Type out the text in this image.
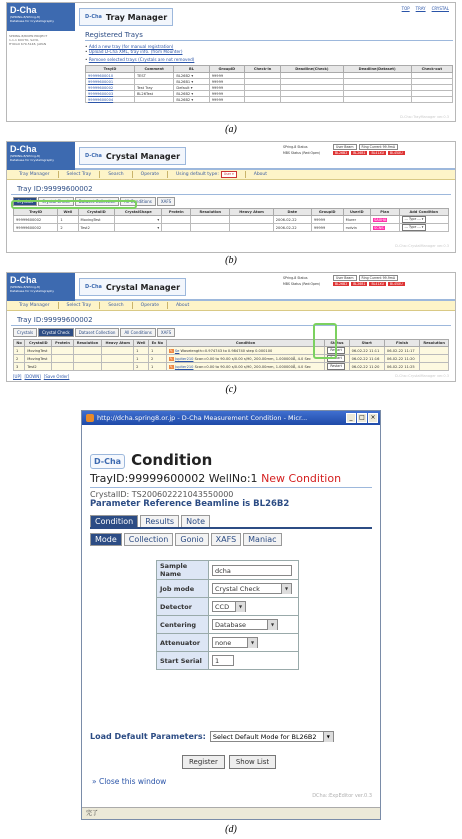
D-Cha
(SPRING-8/SPring-8)
Database for Crystallography
D-Cha Tray Manager
TOP TRAY CRYSTAL
SPRING-8/RIKEN PROJECT
1-1-1 KOUTO, SAYO,
HYOGO 679-5148, JAPAN
Registered Trays
• Add a new tray (for manual registration)
• Upload D-Cha XML, tray info. (from Mounter)
• Remove selected trays (Crystals are not removed)
TrayID	Comment	BL	GroupID	Check-in	Deadline(Check)	Deadline(Dataset)	Check-out
99999600010	TEST	BL26B2 ▾	99999				
99999600001		BL26B1 ▾	99999				
99999600002	Test Tray	Default ▾	99999				
99999600003	BL26Test	BL26B2 ▾	99999				
99999600004		BL26B2 ▾	99999				
D-Cha::TrayManager ver.0.3
(a)
D-Cha
(SPRING-8/SPring-8)
Database for Crystallography
D-Cha Crystal Manager
SPring-8 Status	User Beam	Ring Current 99.9mA
MBS Status (Red:Open)	BL26B2	BL26B1	BL41XU	BL45XU
Tray Manager	Select Tray	Search	Operate	Using default type:	User ▾	About
Tray ID:99999600002
Crystals	Crystal Check	Dataset Collection	All Conditions	XAFS
TrayID	Well	CrystalID	CrystalShape	Protein	Resolution	Heavy Atom	Date	GroupID	UserID	Plan	Add Condition
99999600002	1	MovingTest	▾				2006-02-22	99999	Murer	SAXHA	--- Type --- ▾
99999600002	2	Test2	▾				2006-02-22	99999	rvdvin	SCNS	--- Type --- ▾
D-Cha::CrystalManager ver.0.3
(b)
D-Cha
(SPRING-8/SPring-8)
Database for Crystallography
D-Cha Crystal Manager
SPring-8 Status	User Beam	Ring Current 99.9mA
MBS Status (Red:Open)	BL26B2	BL26B1	BL41XU	BL45XU
Tray Manager	Select Tray	Search	Operate	About
Tray ID:99999600002
Crystals	Crystal Check	Dataset Collection	All Conditions	XAFS
No	CrystalID	Protein	Resolution	Heavy Atom	Well	Ex No	Condition	Status	Start	Finish	Resolution
1	MovingTest				1	1	✎ Se Wavelength=0.974743 to 0.984740 step 0.000100	Restart	06-02-22 11:11	06-02-22 11:17	
2	MovingTest				1	2	✎ Jupiter210 Scan=0.00 to 90.00 s/0.00 s/90, 200.00mm, 1.000000Å, 4.0 Sec	Restart	06-02-22 11:16	06-02-22 11:20	
3	Test2				2	1	✎ Jupiter210 Scan=0.00 to 90.00 s/0.00 s/90, 200.00mm, 1.000000Å, 4.0 Sec	Restart	06-02-22 11:20	06-02-22 11:25	
[UP] [DOWN] [Save Order]	D-Cha::CrystalManager ver.0.3
(c)
http://dcha.spring8.or.jp - D-Cha Measurement Condition - Micr...	_	□ ×
D-Cha Condition
TrayID:99999600002 WellNo:1 New Condition
CrystalID: TS200602221043550000
Parameter Reference Beamline is BL26B2
Condition	Results	Note
Mode	Collection	Gonio	XAFS	Maniac
Sample Name	dcha
Job mode	Crystal Check ▼

Detector	CCD ▼

Centering	Database ▼

Attenuator	none ▼

Start Serial	1
Load Default Parameters:	Select Default Mode for BL26B2	▼
Register	Show List
» Close this window
DCha::ExpEditor ver.0.3
完了
(d)
